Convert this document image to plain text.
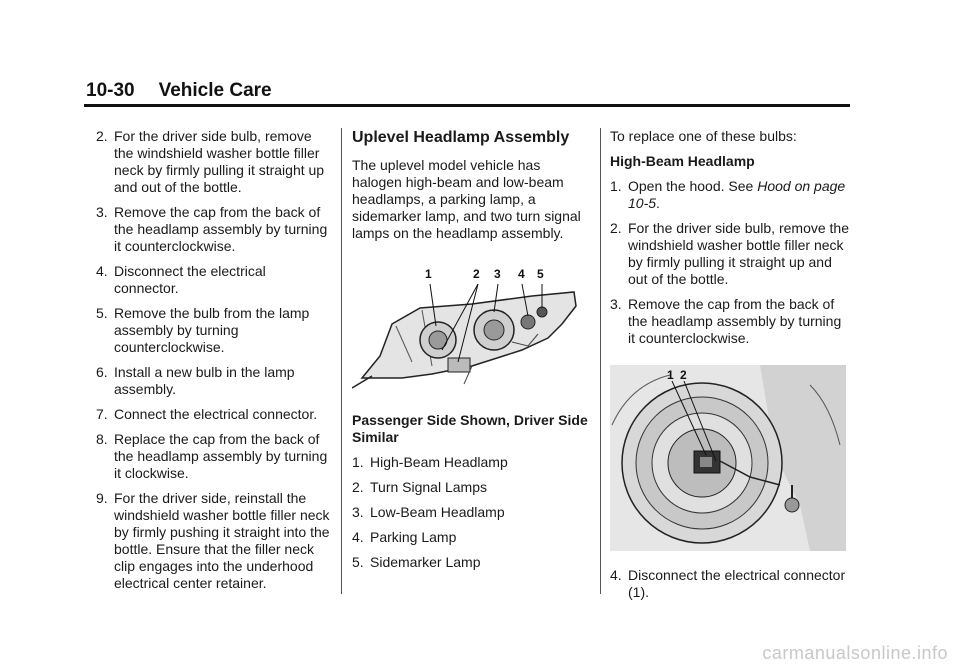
10-30 Vehicle Care
2. For the driver side bulb, remove the windshield washer bottle filler neck by firmly pulling it straight up and out of the bottle.
3. Remove the cap from the back of the headlamp assembly by turning it counterclockwise.
4. Disconnect the electrical connector.
5. Remove the bulb from the lamp assembly by turning counterclockwise.
6. Install a new bulb in the lamp assembly.
7. Connect the electrical connector.
8. Replace the cap from the back of the headlamp assembly by turning it clockwise.
9. For the driver side, reinstall the windshield washer bottle filler neck by firmly pushing it straight into the bottle. Ensure that the filler neck clip engages into the underhood electrical center retainer.
Uplevel Headlamp Assembly
The uplevel model vehicle has halogen high-beam and low-beam headlamps, a parking lamp, a sidemarker lamp, and two turn signal lamps on the headlamp assembly.
1	2 3 4 5
Passenger Side Shown, Driver Side Similar
1. High-Beam Headlamp
2. Turn Signal Lamps
3. Low-Beam Headlamp
4. Parking Lamp
5. Sidemarker Lamp
To replace one of these bulbs:
High-Beam Headlamp
1. Open the hood. See Hood on page 10-5.
2. For the driver side bulb, remove the windshield washer bottle filler neck by firmly pulling it straight up and out of the bottle.
3. Remove the cap from the back of the headlamp assembly by turning it counterclockwise.
1 2
4. Disconnect the electrical connector (1).
carmanualsonline.info
